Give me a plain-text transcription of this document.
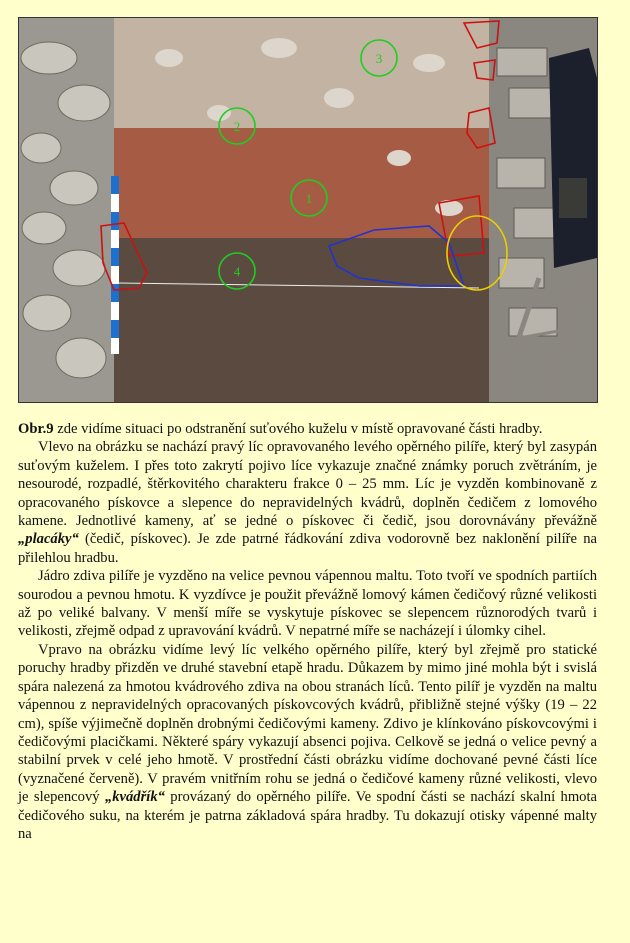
1
2
3
4

Obr.9 zde vidíme situaci po odstranění suťového kuželu v místě opravované části hradby.

Vlevo na obrázku se nachází pravý líc opravovaného levého opěrného pilíře, který byl zasypán suťovým kuželem. I přes toto zakrytí pojivo líce vykazuje značné známky poruch zvětráním, je nesourodé, rozpadlé, štěrkovitého charakteru frakce 0 – 25 mm. Líc je vyzděn kombinovaně z opracovaného pískovce a slepence do nepravidelných kvádrů, doplněn čedičem z lomového kamene. Jednotlivé kameny, ať se jedné o pískovec či čedič, jsou dorovnávány převážně „placáky“ (čedič, pískovec). Je zde patrné řádkování zdiva vodorovně bez naklonění pilíře na přilehlou hradbu.

Jádro zdiva pilíře je vyzděno na velice pevnou vápennou maltu. Toto tvoří ve spodních partiích sourodou a pevnou hmotu. K vyzdívce je použit převážně lomový kámen čedičový různé velikosti až po veliké balvany. V menší míře se vyskytuje pískovec se slepencem různorodých tvarů i velikosti, zřejmě odpad z upravování kvádrů. V nepatrné míře se nacházejí i úlomky cihel.

Vpravo na obrázku vidíme levý líc velkého opěrného pilíře, který byl zřejmě pro statické poruchy hradby přizděn ve druhé stavební etapě hradu. Důkazem by mimo jiné mohla být i svislá spára nalezená za hmotou kvádrového zdiva na obou stranách líců. Tento pilíř je vyzděn na maltu vápennou z nepravidelných opracovaných pískovcových kvádrů, přibližně stejné výšky (19 – 22 cm), spíše výjimečně doplněn drobnými čedičovými kameny. Zdivo je klínkováno pískovcovými i čedičovými placičkami. Některé spáry vykazují absenci pojiva. Celkově se jedná o velice pevný a stabilní prvek v celé jeho hmotě. V prostřední části obrázku vidíme dochované pevné části líce (vyznačené červeně). V pravém vnitřním rohu se jedná o čedičové kameny různé velikosti, vlevo je slepencový „kvádřík“ provázaný do opěrného pilíře. Ve spodní části se nachází skalní hmota čedičového suku, na kterém je patrna základová spára hradby. Tu dokazují otisky vápenné malty na
